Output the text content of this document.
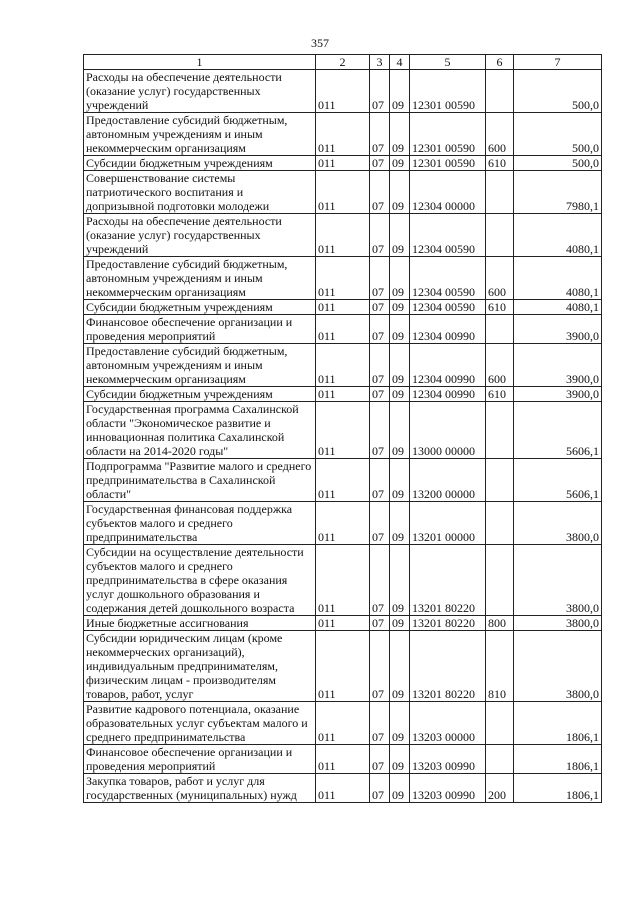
357
1	2	3	4	5	6	7
Расходы на обеспечение деятельности (оказание услуг) государственных учреждений	011	07	09	12301 00590		500,0
Предоставление субсидий бюджетным, автономным учреждениям и иным некоммерческим организациям	011	07	09	12301 00590	600	500,0
Субсидии бюджетным учреждениям	011	07	09	12301 00590	610	500,0
Совершенствование системы патриотического воспитания и допризывной подготовки молодежи	011	07	09	12304 00000		7980,1
Расходы на обеспечение деятельности (оказание услуг) государственных учреждений	011	07	09	12304 00590		4080,1
Предоставление субсидий бюджетным, автономным учреждениям и иным некоммерческим организациям	011	07	09	12304 00590	600	4080,1
Субсидии бюджетным учреждениям	011	07	09	12304 00590	610	4080,1
Финансовое обеспечение организации и проведения мероприятий	011	07	09	12304 00990		3900,0
Предоставление субсидий бюджетным, автономным учреждениям и иным некоммерческим организациям	011	07	09	12304 00990	600	3900,0
Субсидии бюджетным учреждениям	011	07	09	12304 00990	610	3900,0
Государственная программа Сахалинской области "Экономическое развитие и инновационная политика Сахалинской области на 2014-2020 годы"	011	07	09	13000 00000		5606,1
Подпрограмма "Развитие малого и среднего предпринимательства в Сахалинской области"	011	07	09	13200 00000		5606,1
Государственная финансовая поддержка субъектов малого и среднего предпринимательства	011	07	09	13201 00000		3800,0
Субсидии на осуществление деятельности субъектов малого и среднего предпринимательства в сфере оказания услуг дошкольного образования и содержания детей дошкольного возраста	011	07	09	13201 80220		3800,0
Иные бюджетные ассигнования	011	07	09	13201 80220	800	3800,0
Субсидии юридическим лицам (кроме некоммерческих организаций), индивидуальным предпринимателям, физическим лицам - производителям товаров, работ, услуг	011	07	09	13201 80220	810	3800,0
Развитие кадрового потенциала, оказание образовательных услуг субъектам малого и среднего предпринимательства	011	07	09	13203 00000		1806,1
Финансовое обеспечение организации и проведения мероприятий	011	07	09	13203 00990		1806,1
Закупка товаров, работ и услуг для государственных (муниципальных) нужд	011	07	09	13203 00990	200	1806,1
